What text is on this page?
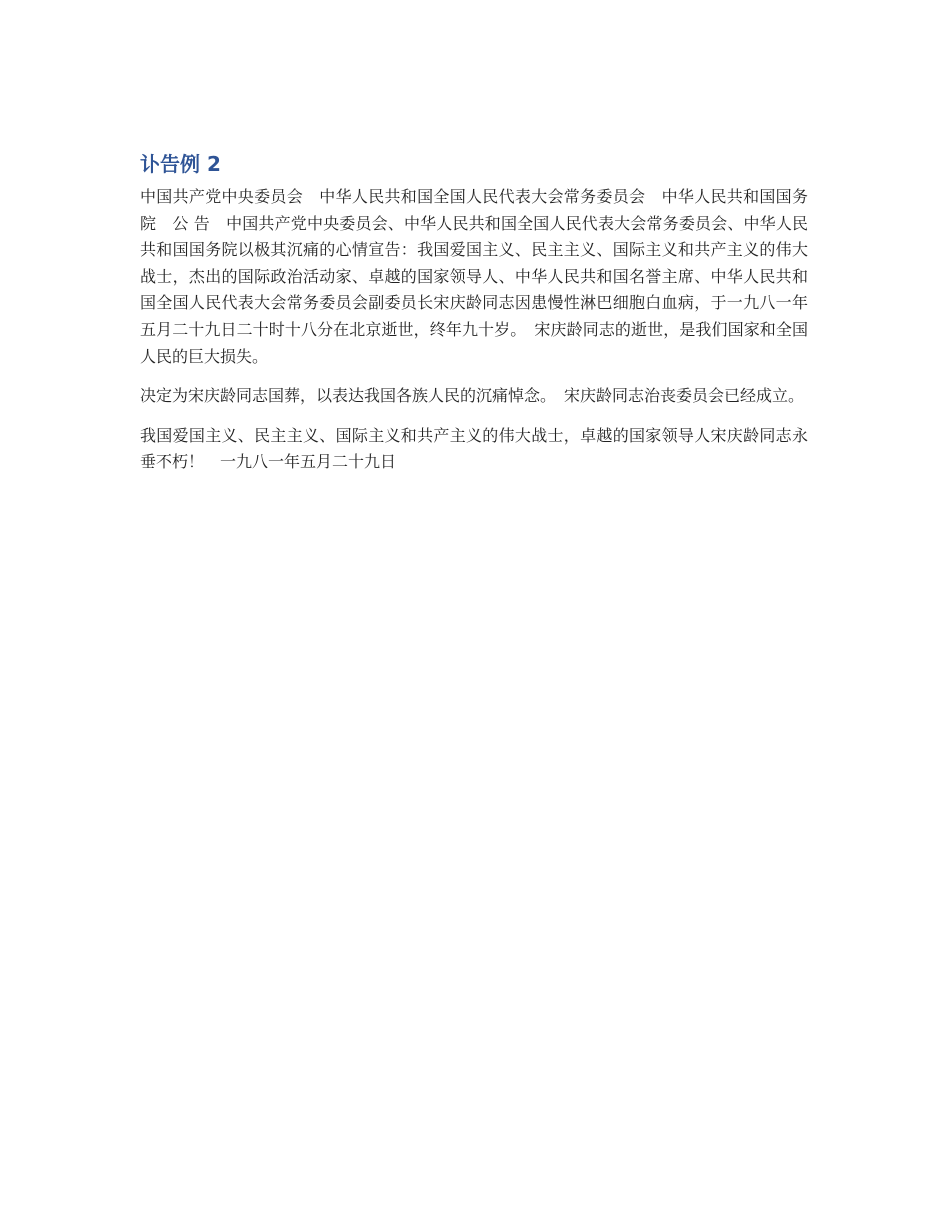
讣告例 2

中国共产党中央委员会　中华人民共和国全国人民代表大会常务委员会　中华人民共和国国务院　公 告　中国共产党中央委员会、中华人民共和国全国人民代表大会常务委员会、中华人民共和国国务院以极其沉痛的心情宣告：我国爱国主义、民主主义、国际主义和共产主义的伟大战士，杰出的国际政治活动家、卓越的国家领导人、中华人民共和国名誉主席、中华人民共和国全国人民代表大会常务委员会副委员长宋庆龄同志因患慢性淋巴细胞白血病，于一九八一年五月二十九日二十时十八分在北京逝世，终年九十岁。　宋庆龄同志的逝世，是我们国家和全国人民的巨大损失。

决定为宋庆龄同志国葬，以表达我国各族人民的沉痛悼念。　宋庆龄同志治丧委员会已经成立。

我国爱国主义、民主主义、国际主义和共产主义的伟大战士，卓越的国家领导人宋庆龄同志永垂不朽！　一九八一年五月二十九日
